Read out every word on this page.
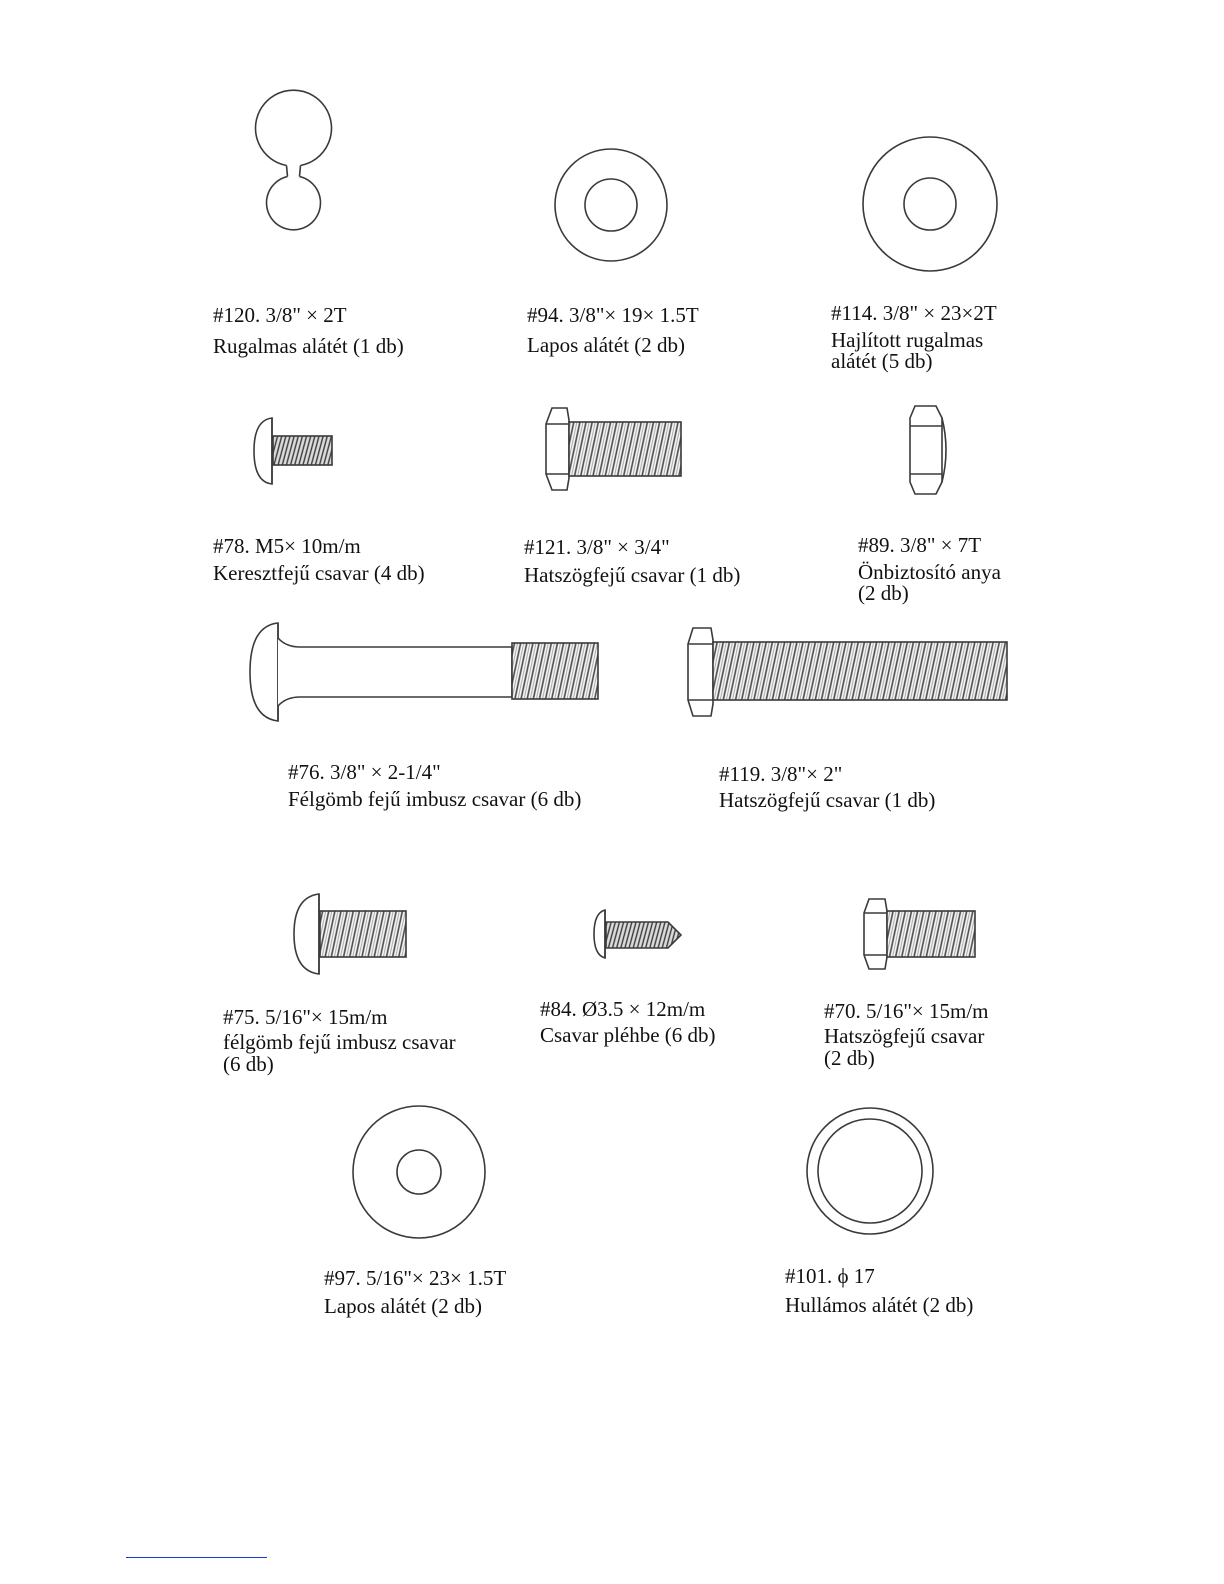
#120. 3/8" × 2T
Rugalmas alátét (1 db)
#94. 3/8"× 19× 1.5T
Lapos alátét (2 db)
#114. 3/8" × 23×2T
Hajlított rugalmas
alátét (5 db)
#78. M5× 10m/m
Keresztfejű csavar (4 db)
#121. 3/8" × 3/4"
Hatszögfejű csavar (1 db)
#89. 3/8" × 7T
Önbiztosító anya
(2 db)
#76. 3/8" × 2-1/4"
Félgömb fejű imbusz csavar (6 db)
#119. 3/8"× 2"
Hatszögfejű csavar (1 db)
#75. 5/16"× 15m/m
félgömb fejű imbusz csavar
(6 db)
#84. Ø3.5 × 12m/m
Csavar pléhbe (6 db)
#70. 5/16"× 15m/m
Hatszögfejű csavar
(2 db)
#97. 5/16"× 23× 1.5T
Lapos alátét (2 db)
#101. ϕ 17
Hullámos alátét (2 db)
